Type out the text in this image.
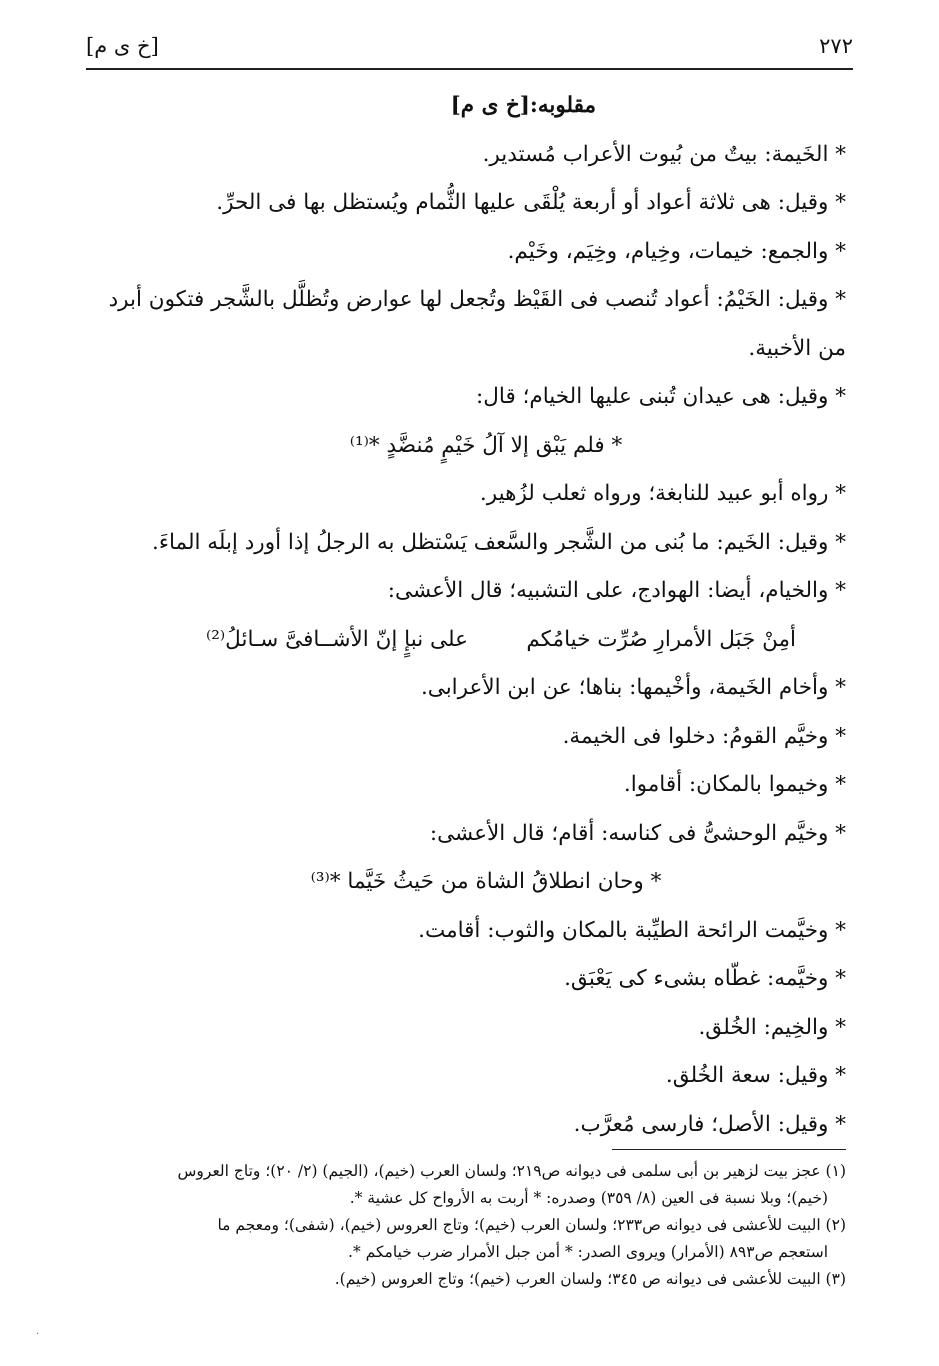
٢٧٢
[خ ى م]

مقلوبه:[خ ى م]

* الخَيمة: بيتٌ من بُيوت الأعراب مُستدير.

* وقيل: هى ثلاثة أعواد أو أربعة يُلْقَى عليها الثُّمام ويُستظل بها فى الحرِّ.

* والجمع: خيمات، وخِيام، وخِيَم، وخَيْم.

* وقيل: الخَيْمُ: أعواد تُنصب فى القَيْظ وتُجعل لها عوارض وتُظلَّل بالشَّجر فتكون أبرد

من الأخبية.

* وقيل: هى عيدان تُبنى عليها الخيام؛ قال:

* فلم يَبْق إلا آلُ خَيْمٍ مُنضَّدٍ *⁽¹⁾

* رواه أبو عبيد للنابغة؛ ورواه ثعلب لزُهير.

* وقيل: الخَيم: ما بُنى من الشَّجر والسَّعف يَسْتظل به الرجلُ إذا أورد إبلَه الماءَ.

* والخيام، أيضا: الهوادج، على التشبيه؛ قال الأعشى:

أمِنْ جَبَل الأمرارِ صُرِّت خيامُكم
على نبإٍ إنّ الأشــافىَّ سـائلُ⁽²⁾

* وأخام الخَيمة، وأخْيمها: بناها؛ عن ابن الأعرابى.

* وخيَّم القومُ: دخلوا فى الخيمة.

* وخيموا بالمكان: أقاموا.

* وخيَّم الوحشىُّ فى كناسه: أقام؛ قال الأعشى:

* وحان انطلاقُ الشاة من حَيثُ خَيَّما *⁽³⁾

* وخيَّمت الرائحة الطيِّبة بالمكان والثوب: أقامت.

* وخيَّمه: غطّاه بشىء كى يَعْبَق.

* والخِيم: الخُلق.

* وقيل: سعة الخُلق.

* وقيل: الأصل؛ فارسى مُعرَّب.

(١) عجز بيت لزهير بن أبى سلمى فى ديوانه ص٢١٩؛ ولسان العرب (خيم)، (الجيم) (٢/ ٢٠)؛ وتاج العروس

(خيم)؛ وبلا نسبة فى العين (٨/ ٣٥٩) وصدره: * أربت به الأرواح كل عشية *.

(٢) البيت للأعشى فى ديوانه ص٢٣٣؛ ولسان العرب (خيم)؛ وتاج العروس (خيم)، (شفى)؛ ومعجم ما

استعجم ص٨٩٣ (الأمرار) ويروى الصدر: * أمن جبل الأمرار ضرب خيامكم *.

(٣) البيت للأعشى فى ديوانه ص ٣٤٥؛ ولسان العرب (خيم)؛ وتاج العروس (خيم).

.
